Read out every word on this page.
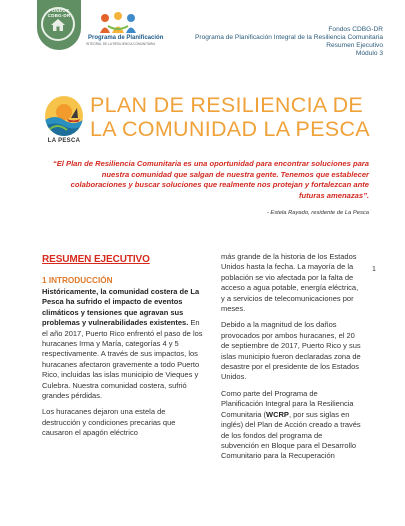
FONDOS CDBG-DR
Programa de Planificación
INTEGRAL DE LA RESILIENCIA COMUNITARIA
Fondos CDBG-DR
Programa de Planificación Integral de la Resiliencia Comunitaria
Resumen Ejecutivo
Módulo 3
LA PESCA
PLAN DE RESILIENCIA DE
LA COMUNIDAD LA PESCA
“El Plan de Resiliencia Comunitaria es una oportunidad para encontrar soluciones para nuestra comunidad que salgan de nuestra gente. Tenemos que establecer colaboraciones y buscar soluciones que realmente nos protejan y fortalezcan ante futuras amenazas”.
- Estela Rayado, residente de La Pesca
RESUMEN EJECUTIVO
1 INTRODUCCIÓN

Históricamente, la comunidad costera de La Pesca ha sufrido el impacto de eventos climáticos y tensiones que agravan sus problemas y vulnerabilidades existentes. En el año 2017, Puerto Rico enfrentó el paso de los huracanes Irma y María, categorías 4 y 5 respectivamente. A través de sus impactos, los huracanes afectaron gravemente a todo Puerto Rico, incluidas las islas municipio de Vieques y Culebra. Nuestra comunidad costera, sufrió grandes pérdidas.

Los huracanes dejaron una estela de destrucción y condiciones precarias que causaron el apagón eléctrico

más grande de la historia de los Estados Unidos hasta la fecha. La mayoría de la población se vio afectada por la falta de acceso a agua potable, energía eléctrica, y a servicios de telecomunicaciones por meses.

Debido a la magnitud de los daños provocados por ambos huracanes, el 20 de septiembre de 2017, Puerto Rico y sus islas municipio fueron declaradas zona de desastre por el presidente de los Estados Unidos.

Como parte del Programa de Planificación Integral para la Resiliencia Comunitaria (WCRP, por sus siglas en inglés) del Plan de Acción creado a través de los fondos del programa de subvención en Bloque para el Desarrollo Comunitario para la Recuperación

1
